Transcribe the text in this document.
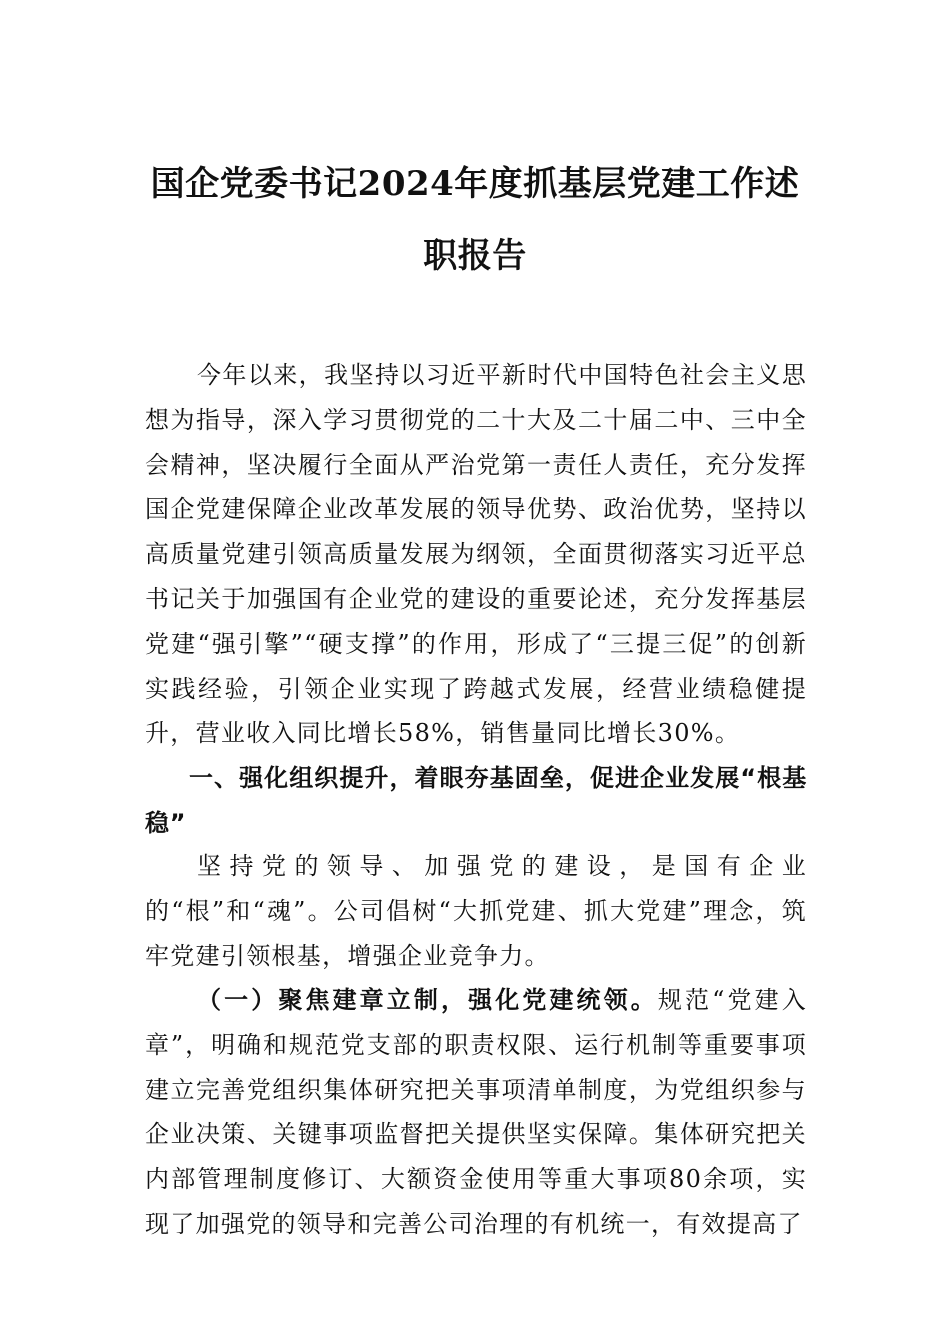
国企党委书记2024年度抓基层党建工作述职报告

今年以来，我坚持以习近平新时代中国特色社会主义思想为指导，深入学习贯彻党的二十大及二十届二中、三中全会精神，坚决履行全面从严治党第一责任人责任，充分发挥国企党建保障企业改革发展的领导优势、政治优势，坚持以高质量党建引领高质量发展为纲领，全面贯彻落实习近平总书记关于加强国有企业党的建设的重要论述，充分发挥基层党建“强引擎”“硬支撑”的作用，形成了“三提三促”的创新实践经验，引领企业实现了跨越式发展，经营业绩稳健提升，营业收入同比增长58%，销售量同比增长30%。

一、强化组织提升，着眼夯基固垒，促进企业发展“根基稳”

坚持党的领导、加强党的建设，是国有企业的“根”和“魂”。公司倡树“大抓党建、抓大党建”理念，筑牢党建引领根基，增强企业竞争力。

（一）聚焦建章立制，强化党建统领。规范“党建入章”，明确和规范党支部的职责权限、运行机制等重要事项建立完善党组织集体研究把关事项清单制度，为党组织参与企业决策、关键事项监督把关提供坚实保障。集体研究把关内部管理制度修订、大额资金使用等重大事项80余项，实现了加强党的领导和完善公司治理的有机统一，有效提高了
